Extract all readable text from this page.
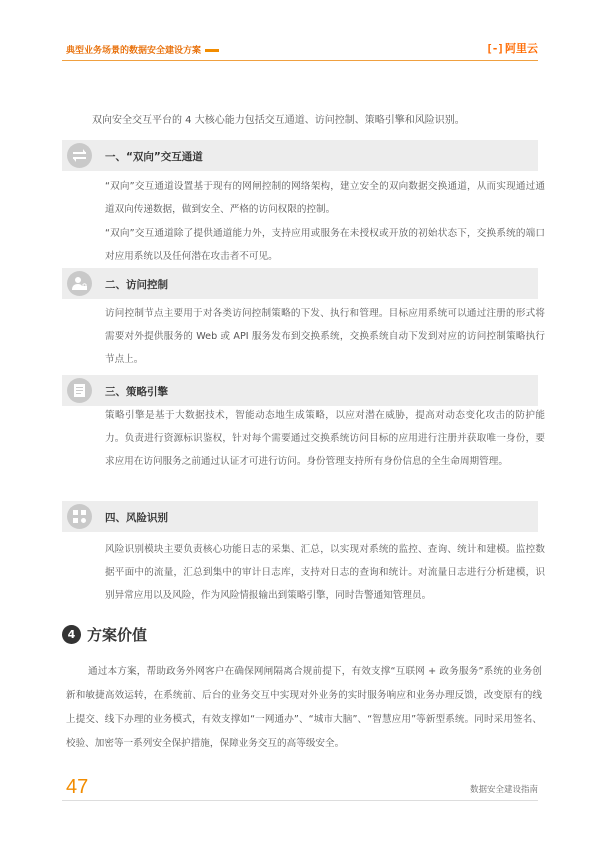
典型业务场景的数据安全建设方案	[-] 阿里云
双向安全交互平台的 4 大核心能力包括交互通道、访问控制、策略引擎和风险识别。
一、“双向”交互通道
“双向”交互通道设置基于现有的网闸控制的网络架构，建立安全的双向数据交换通道，从而实现通过通道双向传递数据，做到安全、严格的访问权限的控制。
“双向”交互通道除了提供通道能力外，支持应用或服务在未授权或开放的初始状态下，交换系统的端口对应用系统以及任何潜在攻击者不可见。
二、访问控制
访问控制节点主要用于对各类访问控制策略的下发、执行和管理。目标应用系统可以通过注册的形式将需要对外提供服务的 Web 或 API 服务发布到交换系统，交换系统自动下发到对应的访问控制策略执行节点上。
三、策略引擎
策略引擎是基于大数据技术，智能动态地生成策略，以应对潜在威胁，提高对动态变化攻击的防护能力。负责进行资源标识鉴权，针对每个需要通过交换系统访问目标的应用进行注册并获取唯一身份，要求应用在访问服务之前通过认证才可进行访问。身份管理支持所有身份信息的全生命周期管理。
四、风险识别
风险识别模块主要负责核心功能日志的采集、汇总，以实现对系统的监控、查询、统计和建模。监控数据平面中的流量，汇总到集中的审计日志库，支持对日志的查询和统计。对流量日志进行分析建模，识别异常应用以及风险，作为风险情报输出到策略引擎，同时告警通知管理员。
4 方案价值
通过本方案，帮助政务外网客户在确保网闸隔离合规前提下，有效支撑“互联网 + 政务服务”系统的业务创新和敏捷高效运转，在系统前、后台的业务交互中实现对外业务的实时服务响应和业务办理反馈，改变原有的线上提交、线下办理的业务模式，有效支撑如“一网通办”、“城市大脑”、“智慧应用”等新型系统。同时采用签名、校验、加密等一系列安全保护措施，保障业务交互的高等级安全。
47	数据安全建设指南
